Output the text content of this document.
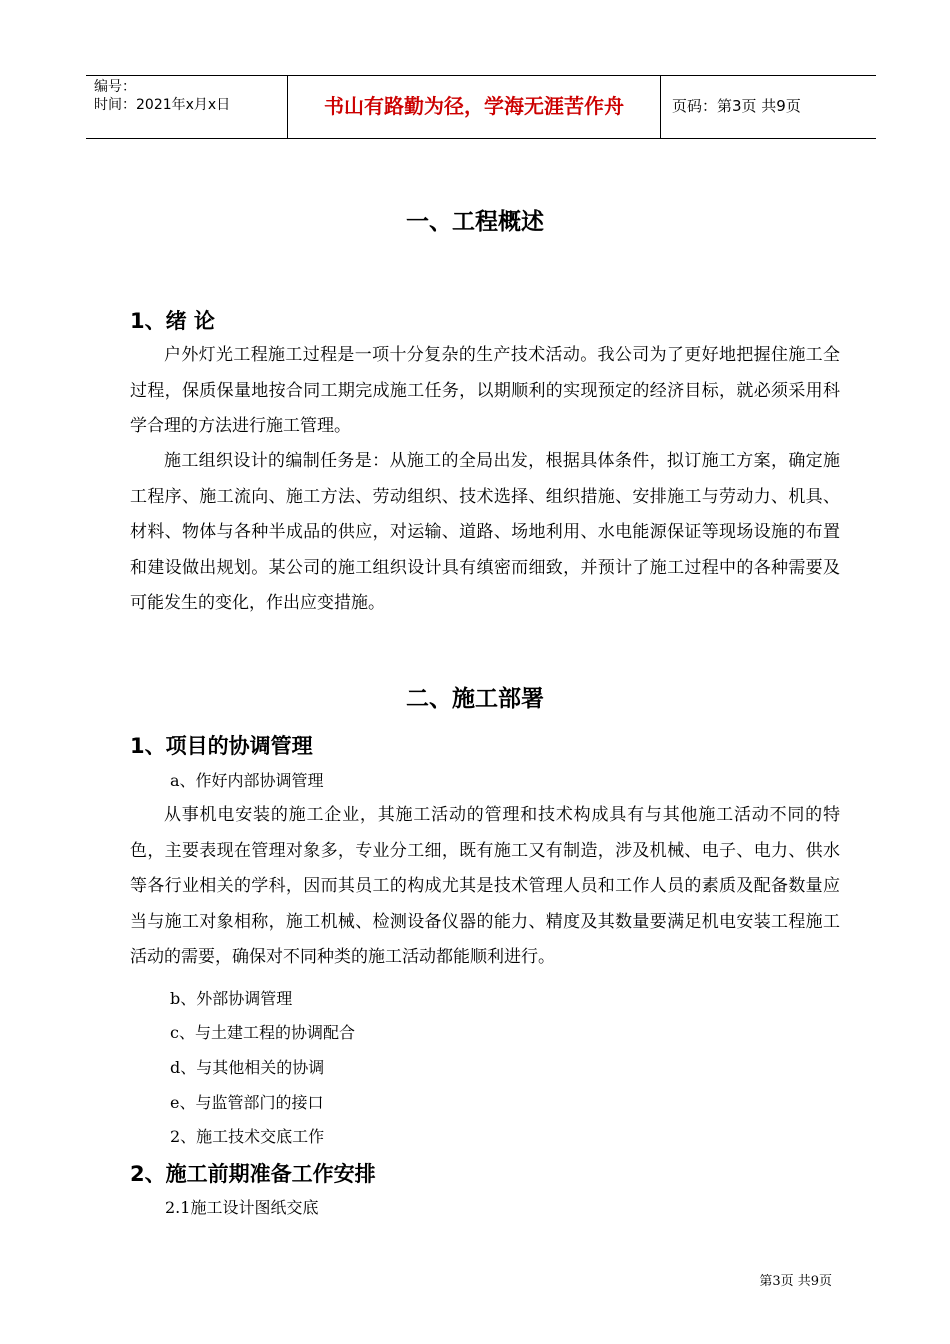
编号：
时间：2021年x月x日	书山有路勤为径，学海无涯苦作舟	页码：第3页 共9页
一、工程概述
1、绪 论

户外灯光工程施工过程是一项十分复杂的生产技术活动。我公司为了更好地把握住施工全过程，保质保量地按合同工期完成施工任务，以期顺利的实现预定的经济目标，就必须采用科学合理的方法进行施工管理。

施工组织设计的编制任务是：从施工的全局出发，根据具体条件，拟订施工方案，确定施工程序、施工流向、施工方法、劳动组织、技术选择、组织措施、安排施工与劳动力、机具、材料、物体与各种半成品的供应，对运输、道路、场地利用、水电能源保证等现场设施的布置和建设做出规划。某公司的施工组织设计具有缜密而细致，并预计了施工过程中的各种需要及可能发生的变化，作出应变措施。

二、施工部署
1、项目的协调管理
a、作好内部协调管理

从事机电安装的施工企业，其施工活动的管理和技术构成具有与其他施工活动不同的特色，主要表现在管理对象多，专业分工细，既有施工又有制造，涉及机械、电子、电力、供水等各行业相关的学科，因而其员工的构成尤其是技术管理人员和工作人员的素质及配备数量应当与施工对象相称，施工机械、检测设备仪器的能力、精度及其数量要满足机电安装工程施工活动的需要，确保对不同种类的施工活动都能顺利进行。

b、外部协调管理
c、与土建工程的协调配合
d、与其他相关的协调
e、与监管部门的接口
2、施工技术交底工作
2、施工前期准备工作安排
2.1施工设计图纸交底
第3页 共9页
